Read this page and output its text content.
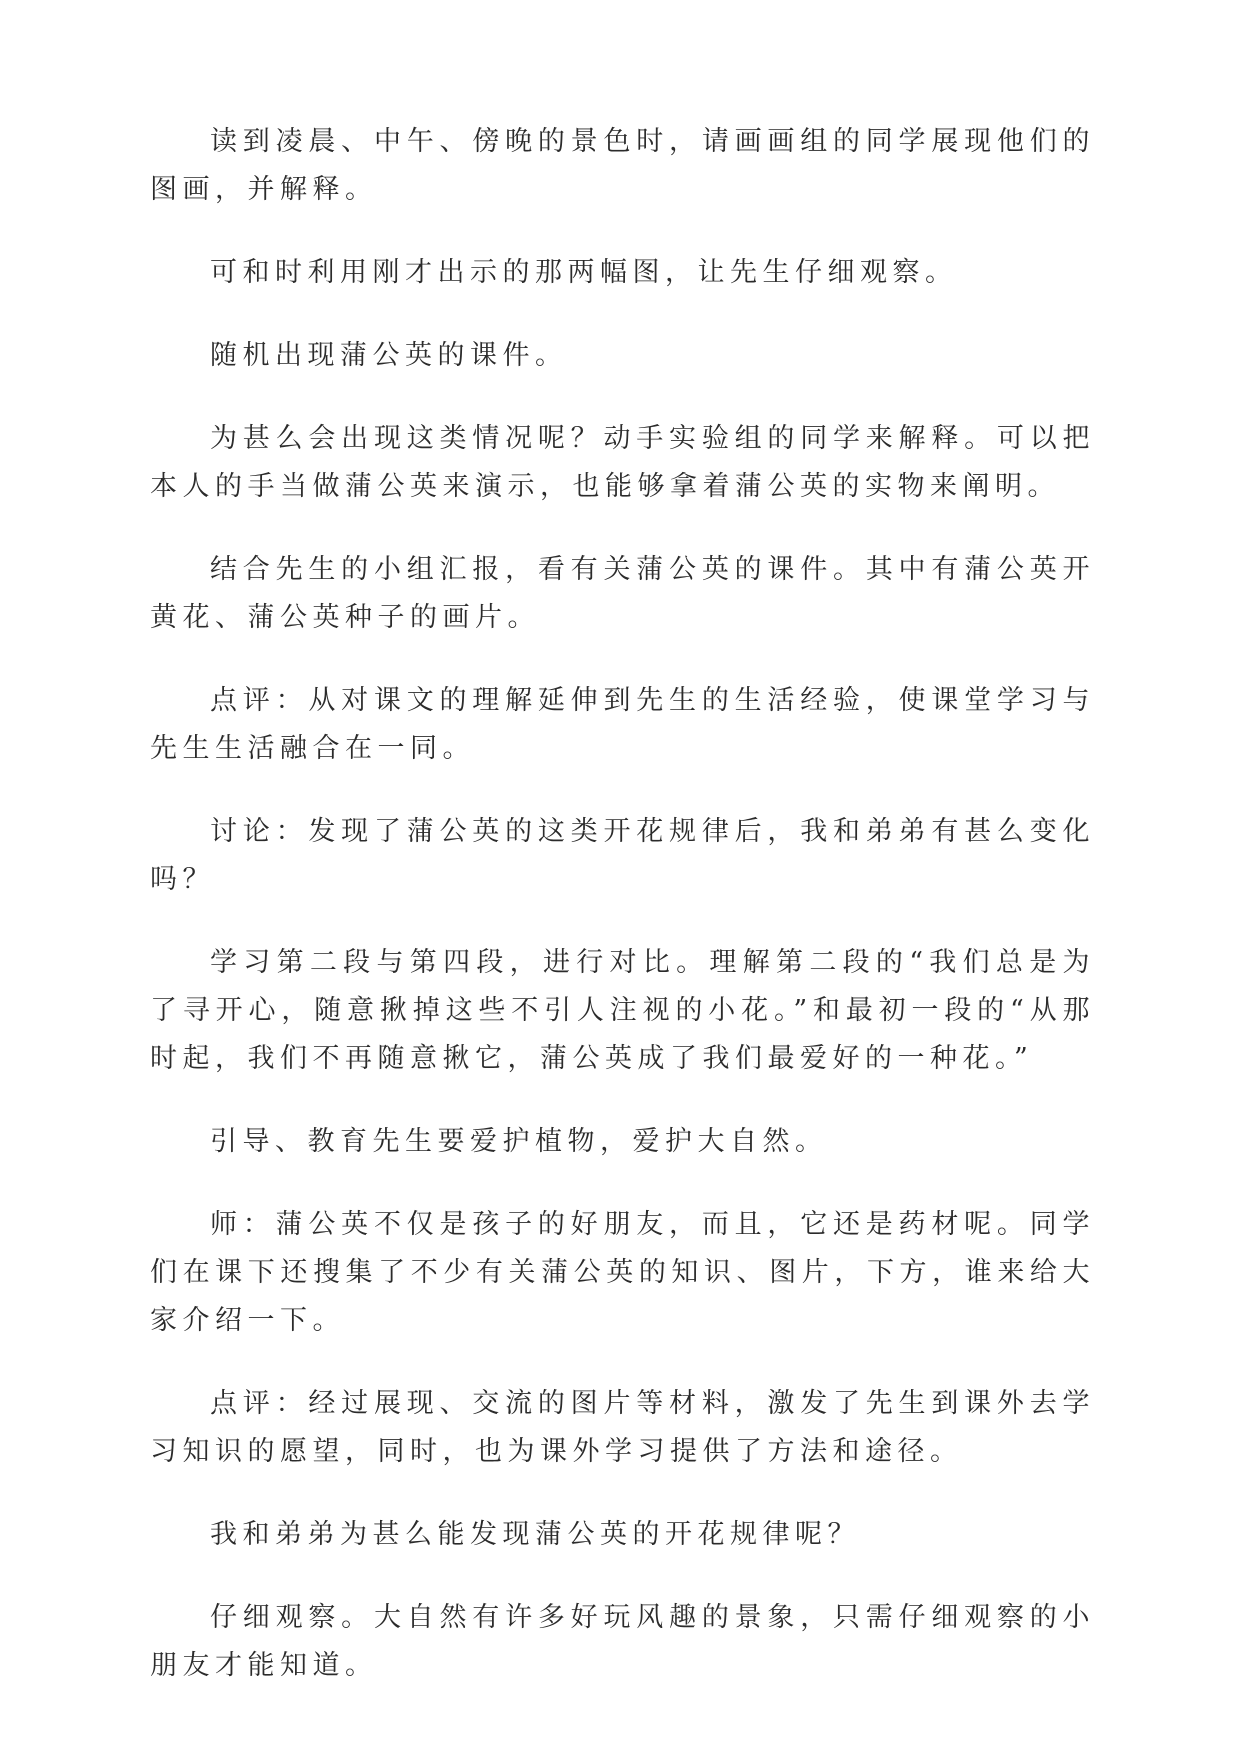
读到凌晨、中午、傍晚的景色时，请画画组的同学展现他们的图画，并解释。

可和时利用刚才出示的那两幅图，让先生仔细观察。

随机出现蒲公英的课件。

为甚么会出现这类情况呢？动手实验组的同学来解释。可以把本人的手当做蒲公英来演示，也能够拿着蒲公英的实物来阐明。

结合先生的小组汇报，看有关蒲公英的课件。其中有蒲公英开黄花、蒲公英种子的画片。

点评：从对课文的理解延伸到先生的生活经验，使课堂学习与先生生活融合在一同。

讨论：发现了蒲公英的这类开花规律后，我和弟弟有甚么变化吗？

学习第二段与第四段，进行对比。理解第二段的“我们总是为了寻开心，随意揪掉这些不引人注视的小花。”和最初一段的“从那时起，我们不再随意揪它，蒲公英成了我们最爱好的一种花。”

引导、教育先生要爱护植物，爱护大自然。

师：蒲公英不仅是孩子的好朋友，而且，它还是药材呢。同学们在课下还搜集了不少有关蒲公英的知识、图片，下方，谁来给大家介绍一下。

点评：经过展现、交流的图片等材料，激发了先生到课外去学习知识的愿望，同时，也为课外学习提供了方法和途径。

我和弟弟为甚么能发现蒲公英的开花规律呢？

仔细观察。大自然有许多好玩风趣的景象，只需仔细观察的小朋友才能知道。
